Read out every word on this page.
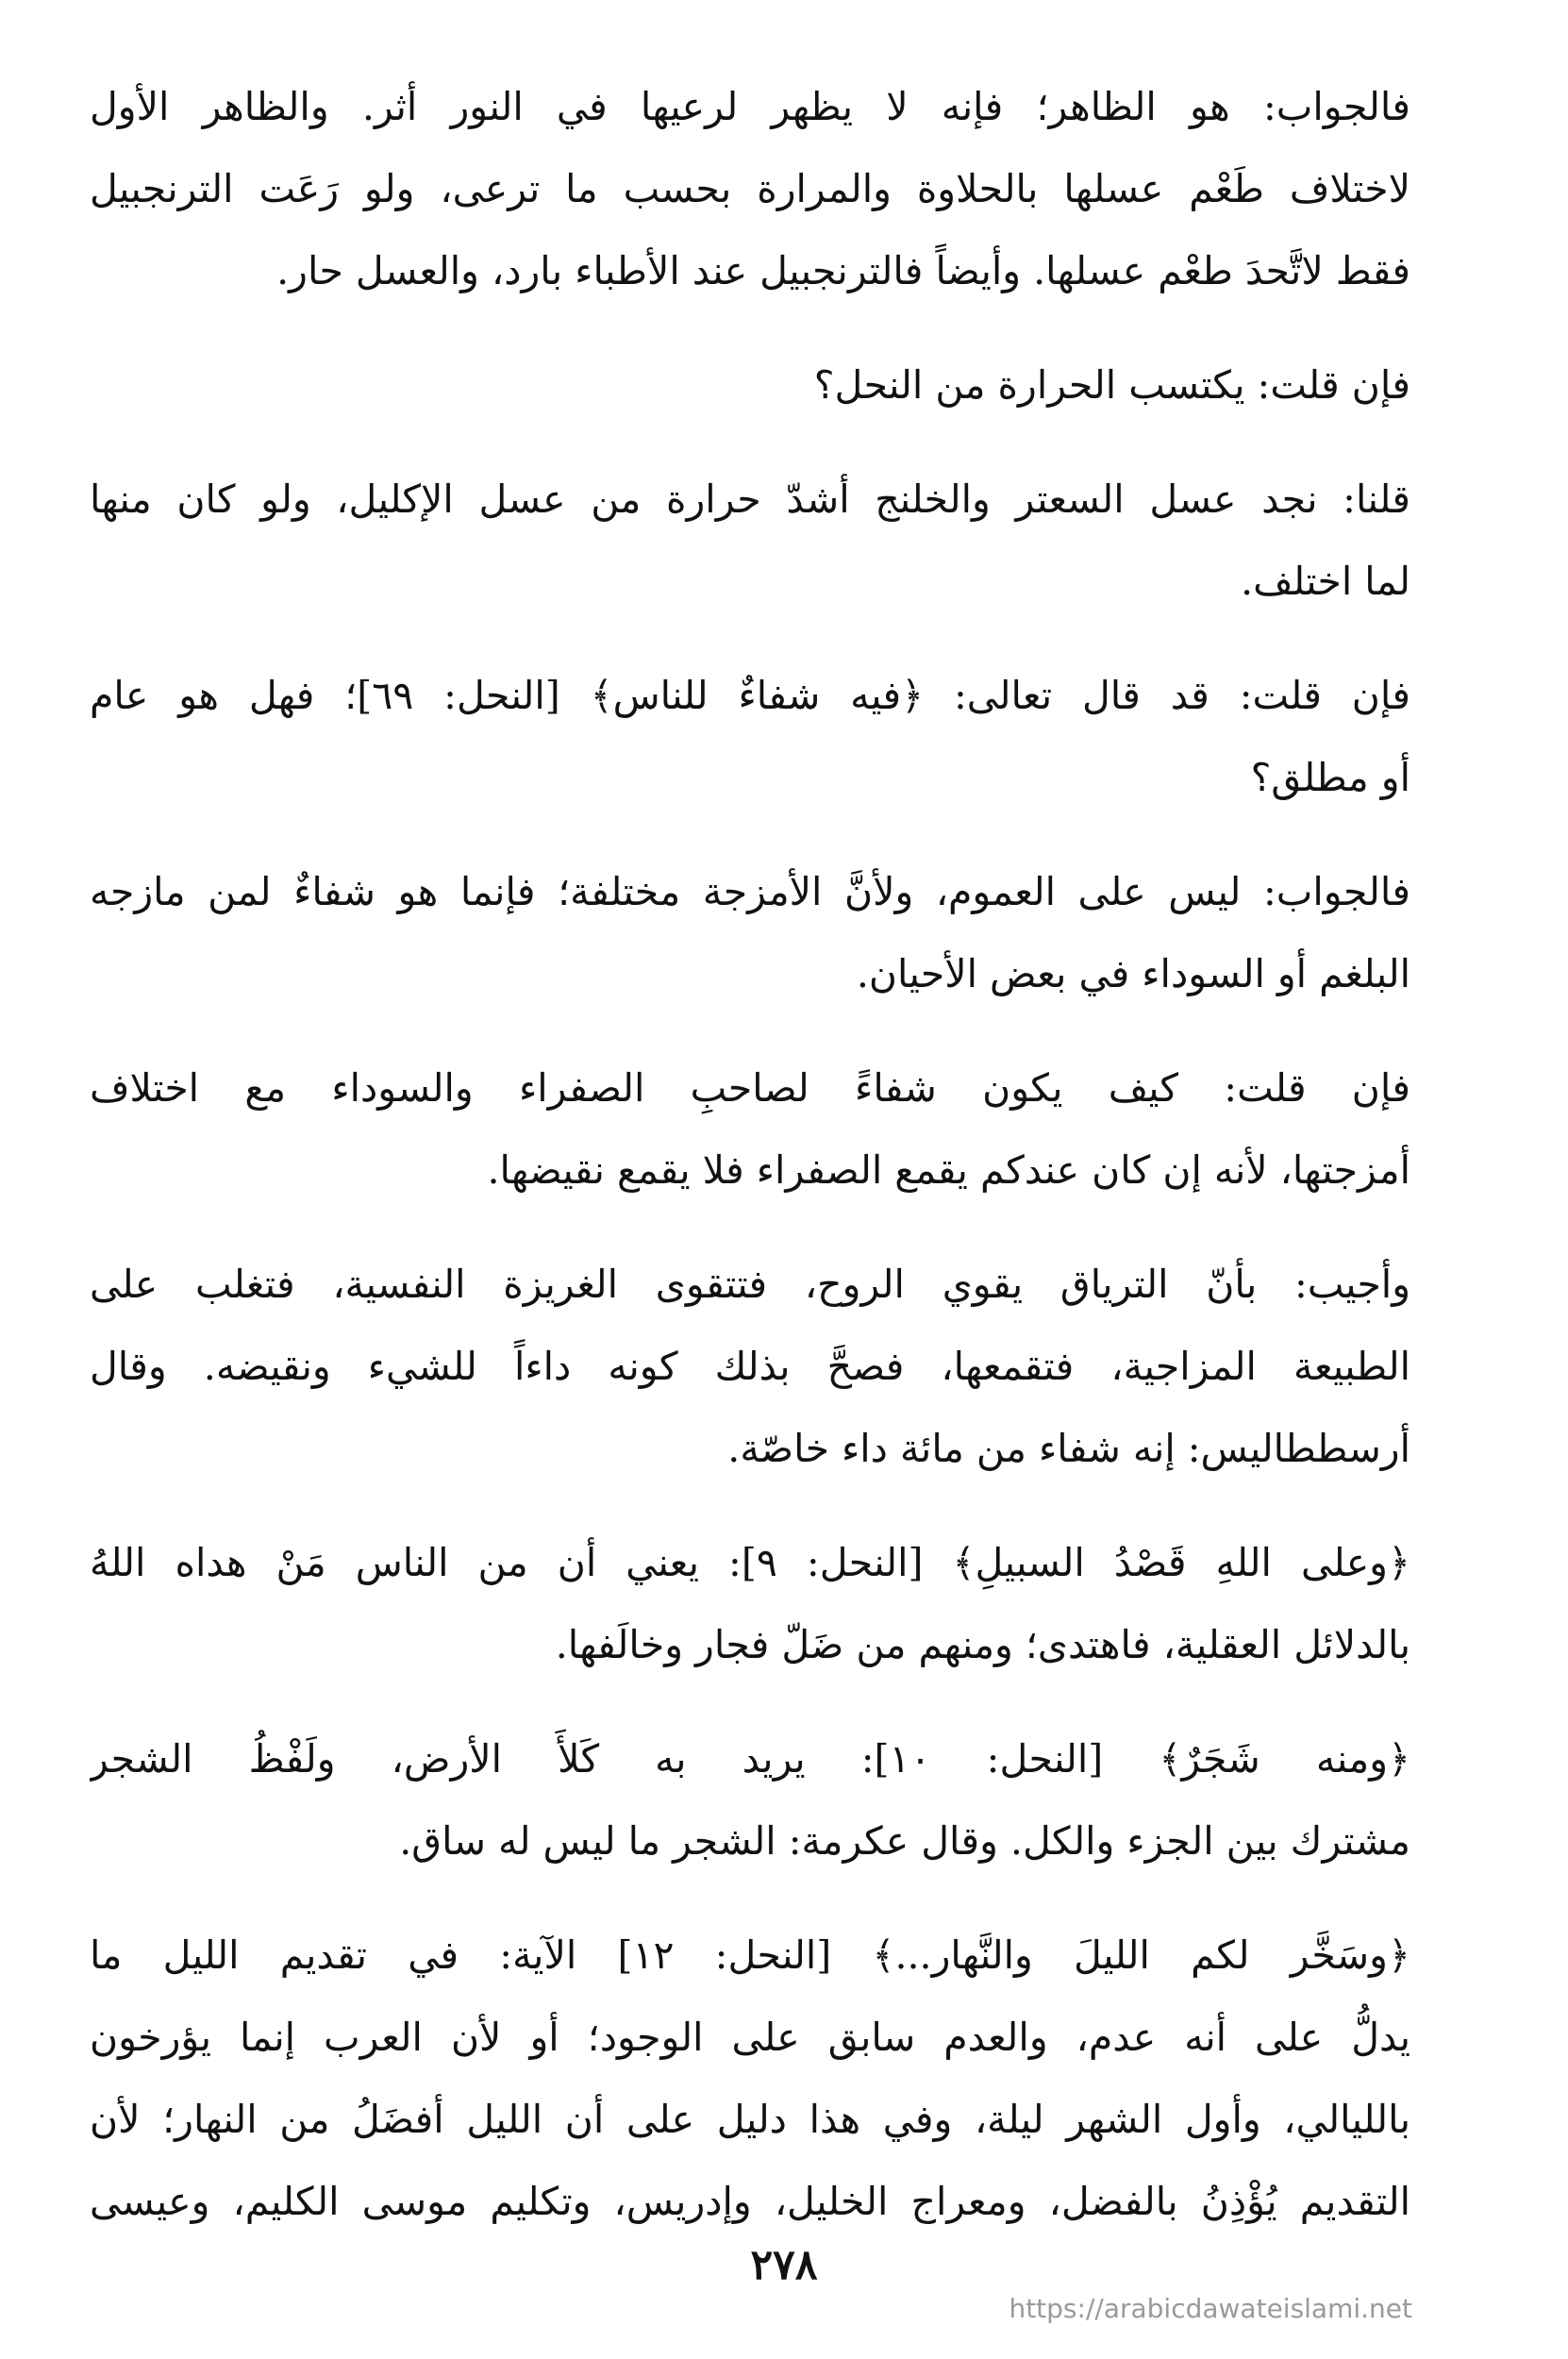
فالجواب: هو الظاهر؛ فإنه لا يظهر لرعيها في النور أثر. والظاهر الأول
لاختلاف طَعْم عسلها بالحلاوة والمرارة بحسب ما ترعى، ولو رَعَت الترنجبيل
فقط لاتَّحدَ طعْم عسلها. وأيضاً فالترنجبيل عند الأطباء بارد، والعسل حار.
فإن قلت: يكتسب الحرارة من النحل؟
قلنا: نجد عسل السعتر والخلنج أشدّ حرارة من عسل الإكليل، ولو كان منها
لما اختلف.
فإن قلت: قد قال تعالى: ﴿فيه شفاءٌ للناس﴾ [النحل: ٦٩]؛ فهل هو عام
أو مطلق؟
فالجواب: ليس على العموم، ولأنَّ الأمزجة مختلفة؛ فإنما هو شفاءٌ لمن مازجه
البلغم أو السوداء في بعض الأحيان.
فإن قلت: كيف يكون شفاءً لصاحبِ الصفراء والسوداء مع اختلاف
أمزجتها، لأنه إن كان عندكم يقمع الصفراء فلا يقمع نقيضها.
وأجيب: بأنّ الترياق يقوي الروح، فتتقوى الغريزة النفسية، فتغلب على
الطبيعة المزاجية، فتقمعها، فصحَّ بذلك كونه داءاً للشيء ونقيضه. وقال
أرسططاليس: إنه شفاء من مائة داء خاصّة.
﴿وعلى اللهِ قَصْدُ السبيلِ﴾ [النحل: ٩]: يعني أن من الناس مَنْ هداه اللهُ
بالدلائل العقلية، فاهتدى؛ ومنهم من ضَلّ فجار وخالَفها.
﴿ومنه شَجَرٌ﴾ [النحل: ١٠]: يريد به كَلأَ الأرض، ولَفْظُ الشجر
مشترك بين الجزء والكل. وقال عكرمة: الشجر ما ليس له ساق.
﴿وسَخَّر لكم الليلَ والنَّهار...﴾ [النحل: ١٢] الآية: في تقديم الليل ما
يدلُّ على أنه عدم، والعدم سابق على الوجود؛ أو لأن العرب إنما يؤرخون
بالليالي، وأول الشهر ليلة، وفي هذا دليل على أن الليل أفضَلُ من النهار؛ لأن
التقديم يُؤْذِنُ بالفضل، ومعراج الخليل، وإدريس، وتكليم موسى الكليم، وعيسى
٢٧٨
https://arabicdawateislami.net
